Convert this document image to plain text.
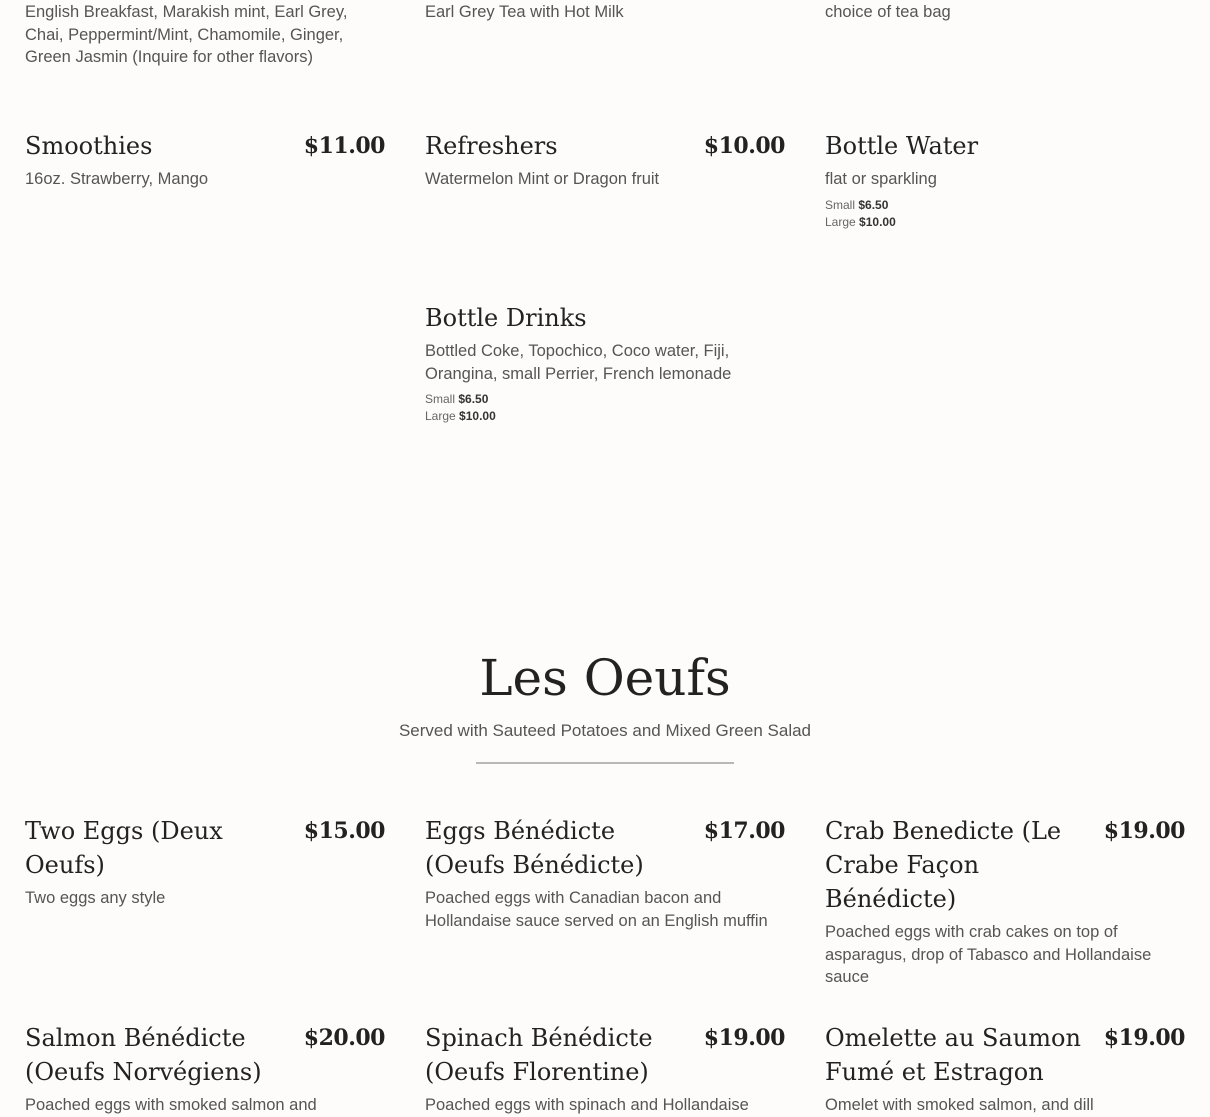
English Breakfast, Marakish mint, Earl Grey, Chai, Peppermint/Mint, Chamomile, Ginger, Green Jasmin (Inquire for other flavors)
Earl Grey Tea with Hot Milk	choice of tea bag
Smoothies	$11.00
16oz. Strawberry, Mango
Refreshers	$10.00
Watermelon Mint or Dragon fruit
Bottle Water
flat or sparkling
Small $6.50
Large $10.00
Bottle Drinks
Bottled Coke, Topochico, Coco water, Fiji, Orangina, small Perrier, French lemonade
Small $6.50
Large $10.00
Les Oeufs
Served with Sauteed Potatoes and Mixed Green Salad
Two Eggs (Deux Oeufs)
$15.00
Two eggs any style
Eggs Bénédicte (Oeufs Bénédicte)
$17.00
Poached eggs with Canadian bacon and Hollandaise sauce served on an English muffin
Crab Benedicte (Le Crabe Façon Bénédicte)
$19.00
Poached eggs with crab cakes on top of asparagus, drop of Tabasco and Hollandaise sauce
Salmon Bénédicte (Oeufs Norvégiens)
$20.00
Poached eggs with smoked salmon and
Spinach Bénédicte (Oeufs Florentine)
$19.00
Poached eggs with spinach and Hollandaise
Omelette au Saumon Fumé et Estragon
$19.00
Omelet with smoked salmon, and dill
